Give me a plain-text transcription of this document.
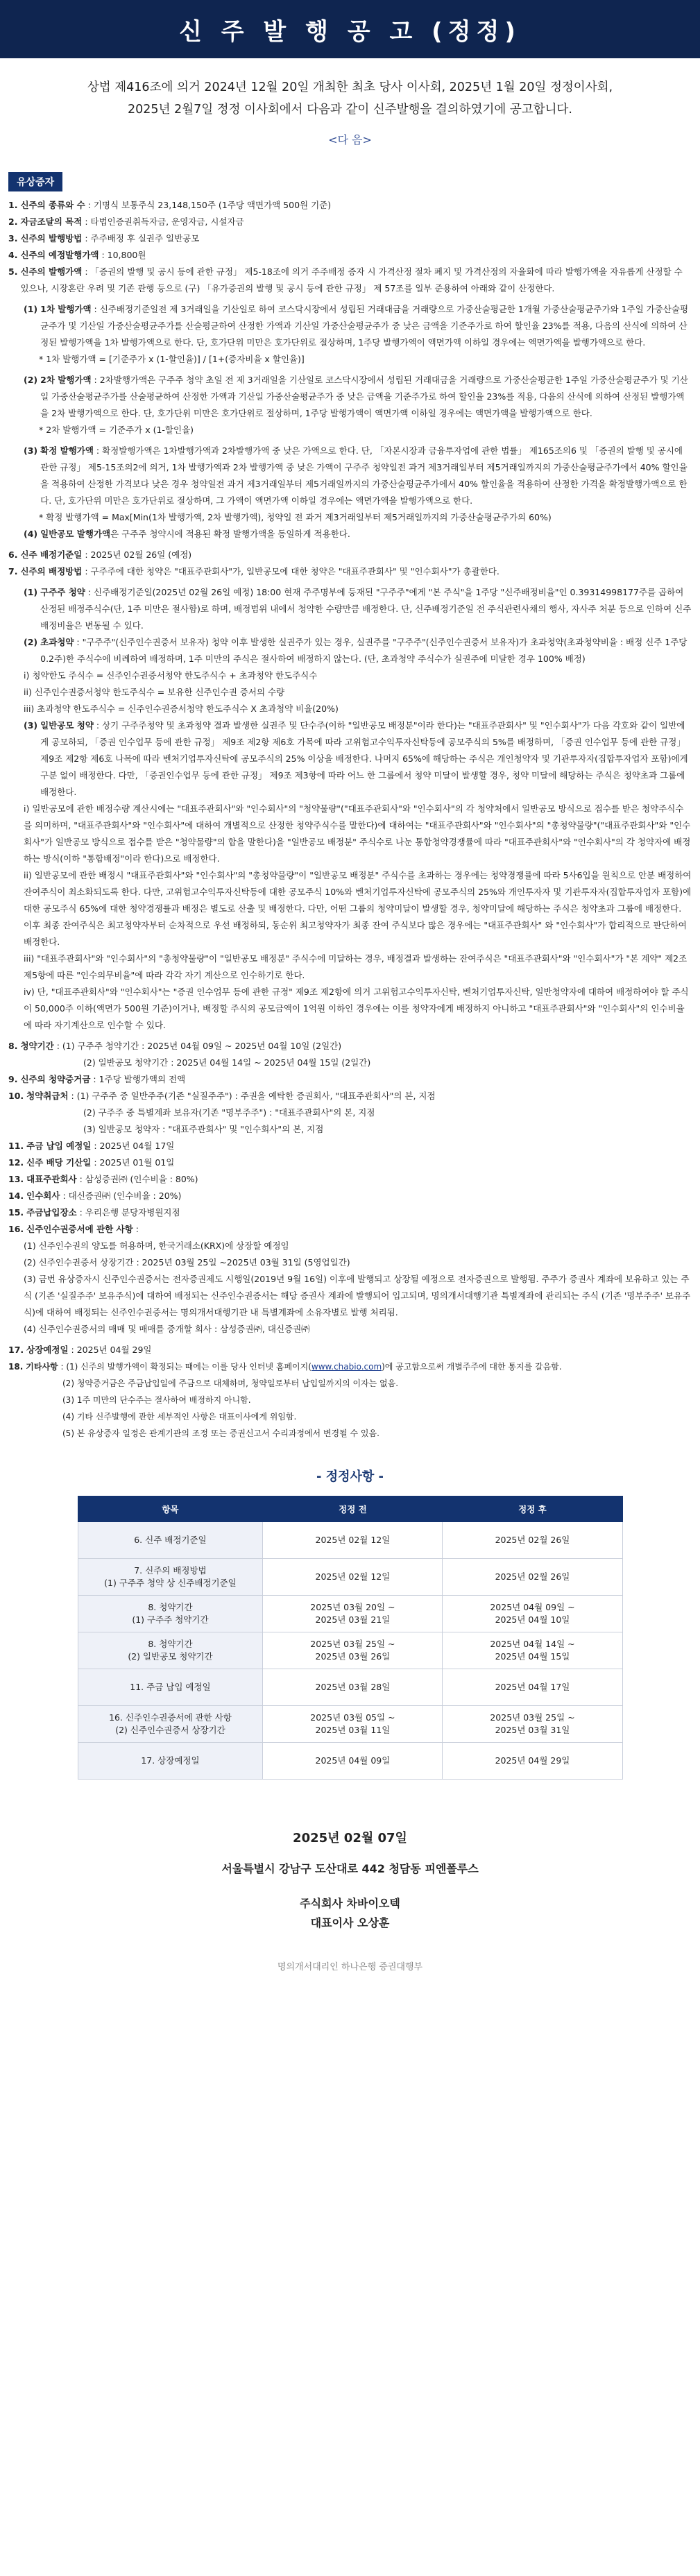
신 주 발 행 공 고 (정정)
상법 제416조에 의거 2024년 12월 20일 개최한 최초 당사 이사회, 2025년 1월 20일 정정이사회,
2025년 2월7일 정정 이사회에서 다음과 같이 신주발행을 결의하였기에 공고합니다.
<다 음>
유상증자
1. 신주의 종류와 수 : 기명식 보통주식 23,148,150주 (1주당 액면가액 500원 기준)
2. 자금조달의 목적 : 타법인증권취득자금, 운영자금, 시설자금
3. 신주의 발행방법 : 주주배정 후 실권주 일반공모
4. 신주의 예정발행가액 : 10,800원
5. 신주의 발행가액 : 「증권의 발행 및 공시 등에 관한 규정」 제5-18조에 의거 주주배정 증자 시 가격산정 절차 폐지 및 가격산정의 자율화에 따라 발행가액을 자유롭게 산정할 수 있으나, 시장혼란 우려 및 기존 관행 등으로 (구) 「유가증권의 발행 및 공시 등에 관한 규정」 제 57조를 일부 준용하여 아래와 같이 산정한다.
(1) 1차 발행가액 : 신주배정기준일전 제 3거래일을 기산일로 하여 코스닥시장에서 성립된 거래대금을 거래량으로 가중산술평균한 1개월 가중산술평균주가와 1주일 가중산술평균주가 및 기산일 가중산술평균주가를 산술평균하여 산정한 가액과 기산일 가중산술평균주가 중 낮은 금액을 기준주가로 하여 할인율 23%를 적용, 다음의 산식에 의하여 산정된 발행가액을 1차 발행가액으로 한다. 단, 호가단위 미만은 호가단위로 절상하며, 1주당 발행가액이 액면가액 이하일 경우에는 액면가액을 발행가액으로 한다.
* 1차 발행가액 = [기준주가 x (1-할인율)] / [1+(증자비율 x 할인율)]
(2) 2차 발행가액 : 2차발행가액은 구주주 청약 초일 전 제 3거래일을 기산일로 코스닥시장에서 성립된 거래대금을 거래량으로 가중산술평균한 1주일 가중산술평균주가 및 기산일 가중산술평균주가를 산술평균하여 산정한 가액과 기산일 가중산술평균주가 중 낮은 금액을 기준주가로 하여 할인율 23%를 적용, 다음의 산식에 의하여 산정된 발행가액을 2차 발행가액으로 한다. 단, 호가단위 미만은 호가단위로 절상하며, 1주당 발행가액이 액면가액 이하일 경우에는 액면가액을 발행가액으로 한다.
* 2차 발행가액 = 기준주가 x (1-할인율)
(3) 확정 발행가액 : 확정발행가액은 1차발행가액과 2차발행가액 중 낮은 가액으로 한다. 단, 「자본시장과 금융투자업에 관한 법률」 제165조의6 및 「증권의 발행 및 공시에 관한 규정」 제5-15조의2에 의거, 1차 발행가액과 2차 발행가액 중 낮은 가액이 구주주 청약일전 과거 제3거래일부터 제5거래일까지의 가중산술평균주가에서 40% 할인율을 적용하여 산정한 가격보다 낮은 경우 청약일전 과거 제3거래일부터 제5거래일까지의 가중산술평균주가에서 40% 할인율을 적용하여 산정한 가격을 확정발행가액으로 한다. 단, 호가단위 미만은 호가단위로 절상하며, 그 가액이 액면가액 이하일 경우에는 액면가액을 발행가액으로 한다.
* 확정 발행가액 = Max[Min(1차 발행가액, 2차 발행가액), 청약일 전 과거 제3거래일부터 제5거래일까지의 가중산술평균주가의 60%)
(4) 일반공모 발행가액은 구주주 청약시에 적용된 확정 발행가액을 동일하게 적용한다.
6. 신주 배정기준일 : 2025년 02월 26일 (예정)
7. 신주의 배정방법 : 구주주에 대한 청약은 "대표주관회사"가, 일반공모에 대한 청약은 "대표주관회사" 및 "인수회사"가 총괄한다.
(1) 구주주 청약 : 신주배정기준일(2025년 02월 26일 예정) 18:00 현재 주주명부에 등재된 "구주주"에게 "본 주식"을 1주당 "신주배정비율"인 0.39314998177주를 곱하여 산정된 배정주식수(단, 1주 미만은 절사함)로 하며, 배정범위 내에서 청약한 수량만큼 배정한다. 단, 신주배정기준일 전 주식관련사채의 행사, 자사주 처분 등으로 인하여 신주배정비율은 변동될 수 있다.
(2) 초과청약 : "구주주"(신주인수권증서 보유자) 청약 이후 발생한 실권주가 있는 경우, 실권주를 "구주주"(신주인수권증서 보유자)가 초과청약(초과청약비율 : 배정 신주 1주당 0.2주)한 주식수에 비례하여 배정하며, 1주 미만의 주식은 절사하여 배정하지 않는다. (단, 초과청약 주식수가 실권주에 미달한 경우 100% 배정)
i) 청약한도 주식수 = 신주인수권증서청약 한도주식수 + 초과청약 한도주식수
ii) 신주인수권증서청약 한도주식수 = 보유한 신주인수권 증서의 수량
iii) 초과청약 한도주식수 = 신주인수권증서청약 한도주식수 X 초과청약 비율(20%)
(3) 일반공모 청약 : 상기 구주주청약 및 초과청약 결과 발생한 실권주 및 단수주(이하 "일반공모 배정분"이라 한다)는 "대표주관회사" 및 "인수회사"가 다음 각호와 같이 일반에게 공모하되, 「증권 인수업무 등에 관한 규정」 제9조 제2항 제6호 가목에 따라 고위험고수익투자신탁등에 공모주식의 5%를 배정하며, 「증권 인수업무 등에 관한 규정」 제9조 제2항 제6호 나목에 따라 벤처기업투자신탁에 공모주식의 25% 이상을 배정한다. 나머지 65%에 해당하는 주식은 개인청약자 및 기관투자자(집합투자업자 포함)에게 구분 없이 배정한다. 다만, 「증권인수업무 등에 관한 규정」 제9조 제3항에 따라 어느 한 그룹에서 청약 미달이 발생할 경우, 청약 미달에 해당하는 주식은 청약초과 그룹에 배정한다.
i) 일반공모에 관한 배정수량 계산시에는 "대표주관회사"와 "인수회사"의 "청약물량"("대표주관회사"와 "인수회사"의 각 청약처에서 일반공모 방식으로 접수를 받은 청약주식수를 의미하며, "대표주관회사"와 "인수회사"에 대하여 개별적으로 산정한 청약주식수를 말한다)에 대하여는 "대표주관회사"와 "인수회사"의 "총청약물량"("대표주관회사"와 "인수회사"가 일반공모 방식으로 접수를 받은 "청약물량"의 합을 말한다)을 "일반공모 배정분" 주식수로 나눈 통합청약경쟁률에 따라 "대표주관회사"와 "인수회사"의 각 청약자에 배정하는 방식(이하 "통합배정"이라 한다)으로 배정한다.
ii) 일반공모에 관한 배정시 "대표주관회사"와 "인수회사"의 "총청약물량"이 "일반공모 배정분" 주식수를 초과하는 경우에는 청약경쟁률에 따라 5사6입을 원칙으로 안분 배정하여 잔여주식이 최소화되도록 한다. 다만, 고위험고수익투자신탁등에 대한 공모주식 10%와 벤처기업투자신탁에 공모주식의 25%와 개인투자자 및 기관투자자(집합투자업자 포함)에 대한 공모주식 65%에 대한 청약경쟁률과 배정은 별도로 산출 및 배정한다. 다만, 어떤 그룹의 청약미달이 발생할 경우, 청약미달에 해당하는 주식은 청약초과 그룹에 배정한다. 이후 최종 잔여주식은 최고청약자부터 순차적으로 우선 배정하되, 동순위 최고청약자가 최종 잔여 주식보다 많은 경우에는 "대표주관회사" 와 "인수회사"가 합리적으로 판단하여 배정한다.
iii) "대표주관회사"와 "인수회사"의 "총청약물량"이 "일반공모 배정분" 주식수에 미달하는 경우, 배정결과 발생하는 잔여주식은 "대표주관회사"와 "인수회사"가 "본 계약" 제2조제5항에 따른 "인수의무비율"에 따라 각각 자기 계산으로 인수하기로 한다.
iv) 단, "대표주관회사"와 "인수회사"는 "증권 인수업무 등에 관한 규정" 제9조 제2항에 의거 고위험고수익투자신탁, 벤처기업투자신탁, 일반청약자에 대하여 배정하여야 할 주식이 50,000주 이하(액면가 500원 기준)이거나, 배정할 주식의 공모금액이 1억원 이하인 경우에는 이를 청약자에게 배정하지 아니하고 "대표주관회사"와 "인수회사"의 인수비율에 따라 자기계산으로 인수할 수 있다.
8. 청약기간 : (1) 구주주 청약기간 : 2025년 04월 09일 ~ 2025년 04월 10일 (2일간)
(2) 일반공모 청약기간 : 2025년 04월 14일 ~ 2025년 04월 15일 (2일간)
9. 신주의 청약증거금 : 1주당 발행가액의 전액
10. 청약취급처 : (1) 구주주 중 일반주주(기존 "실질주주") : 주권을 예탁한 증권회사, "대표주관회사"의 본, 지점
(2) 구주주 중 특별계좌 보유자(기존 "명부주주") : "대표주관회사"의 본, 지점
(3) 일반공모 청약자 : "대표주관회사" 및 "인수회사"의 본, 지점
11. 주금 납입 예정일 : 2025년 04월 17일
12. 신주 배당 기산일 : 2025년 01월 01일
13. 대표주관회사 : 삼성증권㈜ (인수비율 : 80%)
14. 인수회사 : 대신증권㈜ (인수비율 : 20%)
15. 주금납입장소 : 우리은행 분당자병원지점
16. 신주인수권증서에 관한 사항 :
(1) 신주인수권의 양도를 허용하며, 한국거래소(KRX)에 상장할 예정임
(2) 신주인수권증서 상장기간 : 2025년 03월 25일 ~2025년 03월 31일 (5영업일간)
(3) 금번 유상증자시 신주인수권증서는 전자증권제도 시행일(2019년 9월 16일) 이후에 발행되고 상장될 예정으로 전자증권으로 발행됨. 주주가 증권사 계좌에 보유하고 있는 주식 (기존 '실질주주' 보유주식)에 대하여 배정되는 신주인수권증서는 해당 증권사 계좌에 발행되어 입고되며, 명의개서대행기관 특별계좌에 관리되는 주식 (기존 '명부주주' 보유주식)에 대하여 배정되는 신주인수권증서는 명의개서대행기관 내 특별계좌에 소유자별로 발행 처리됨.
(4) 신주인수권증서의 매매 및 매매를 중개할 회사 : 삼성증권㈜, 대신증권㈜
17. 상장예정일 : 2025년 04월 29일
18. 기타사항 : (1) 신주의 발행가액이 확정되는 때에는 이를 당사 인터넷 홈페이지(www.chabio.com)에 공고함으로써 개별주주에 대한 통지를 갈음함.
(2) 청약증거금은 주금납입일에 주금으로 대체하며, 청약일로부터 납입일까지의 이자는 없음.
(3) 1주 미만의 단수주는 절사하여 배정하지 아니함.
(4) 기타 신주발행에 관한 세부적인 사항은 대표이사에게 위임함.
(5) 본 유상증자 일정은 관계기관의 조정 또는 증권신고서 수리과정에서 변경될 수 있음.
- 정정사항 -
항목	정정 전	정정 후
6. 신주 배정기준일	2025년 02월 12일	2025년 02월 26일
7. 신주의 배정방법
(1) 구주주 청약 상 신주배정기준일	2025년 02월 12일	2025년 02월 26일
8. 청약기간
(1) 구주주 청약기간	2025년 03월 20일 ~
2025년 03월 21일	2025년 04월 09일 ~
2025년 04월 10일
8. 청약기간
(2) 일반공모 청약기간	2025년 03월 25일 ~
2025년 03월 26일	2025년 04월 14일 ~
2025년 04월 15일
11. 주금 납입 예정일	2025년 03월 28일	2025년 04월 17일
16. 신주인수권증서에 관한 사항
(2) 신주인수권증서 상장기간	2025년 03월 05일 ~
2025년 03월 11일	2025년 03월 25일 ~
2025년 03월 31일
17. 상장예정일	2025년 04월 09일	2025년 04월 29일
2025년 02월 07일
서울특별시 강남구 도산대로 442 청담동 피엔폴루스
주식회사 차바이오텍
대표이사 오상훈
명의개서대리인 하나은행 증권대행부
